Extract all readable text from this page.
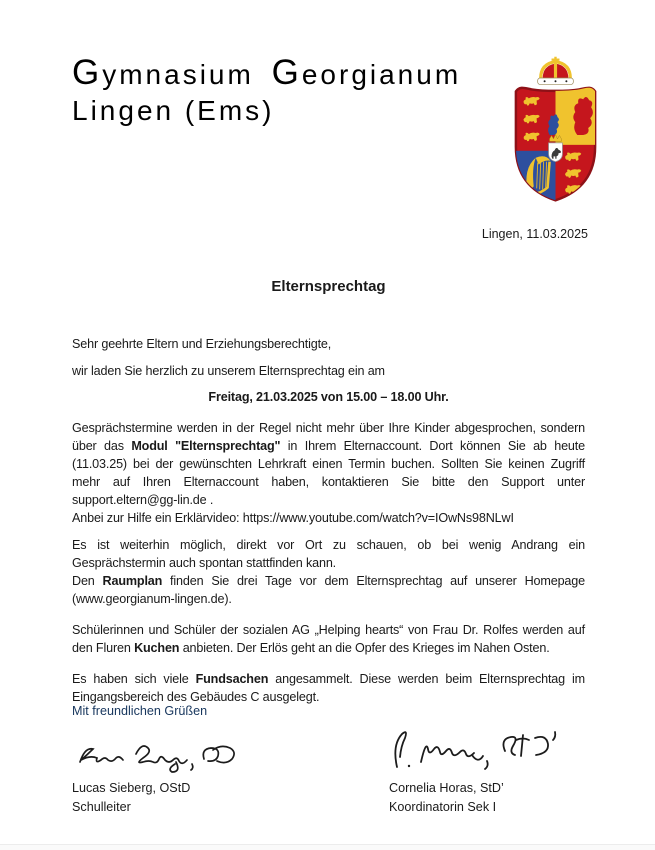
Gymnasium Georgianum
Lingen (Ems)
Lingen, 11.03.2025
Elternsprechtag
Sehr geehrte Eltern und Erziehungsberechtigte,
wir laden Sie herzlich zu unserem Elternsprechtag ein am
Freitag, 21.03.2025 von 15.00 – 18.00 Uhr.
Gesprächstermine werden in der Regel nicht mehr über Ihre Kinder abgesprochen, sondern über das Modul "Elternsprechtag" in Ihrem Elternaccount. Dort können Sie ab heute (11.03.25) bei der gewünschten Lehrkraft einen Termin buchen. Sollten Sie keinen Zugriff mehr auf Ihren Elternaccount haben, kontaktieren Sie bitte den Support unter support.eltern@gg-lin.de .
Anbei zur Hilfe ein Erklärvideo: https://www.youtube.com/watch?v=IOwNs98NLwI
Es ist weiterhin möglich, direkt vor Ort zu schauen, ob bei wenig Andrang ein Gesprächstermin auch spontan stattfinden kann.
Den Raumplan finden Sie drei Tage vor dem Elternsprechtag auf unserer Homepage (www.georgianum-lingen.de).
Schülerinnen und Schüler der sozialen AG „Helping hearts“ von Frau Dr. Rolfes werden auf den Fluren Kuchen anbieten. Der Erlös geht an die Opfer des Krieges im Nahen Osten.
Es haben sich viele Fundsachen angesammelt. Diese werden beim Elternsprechtag im Eingangsbereich des Gebäudes C ausgelegt.
Mit freundlichen Grüßen
Lucas Sieberg, OStD
Schulleiter
Cornelia Horas, StD’
Koordinatorin Sek I
